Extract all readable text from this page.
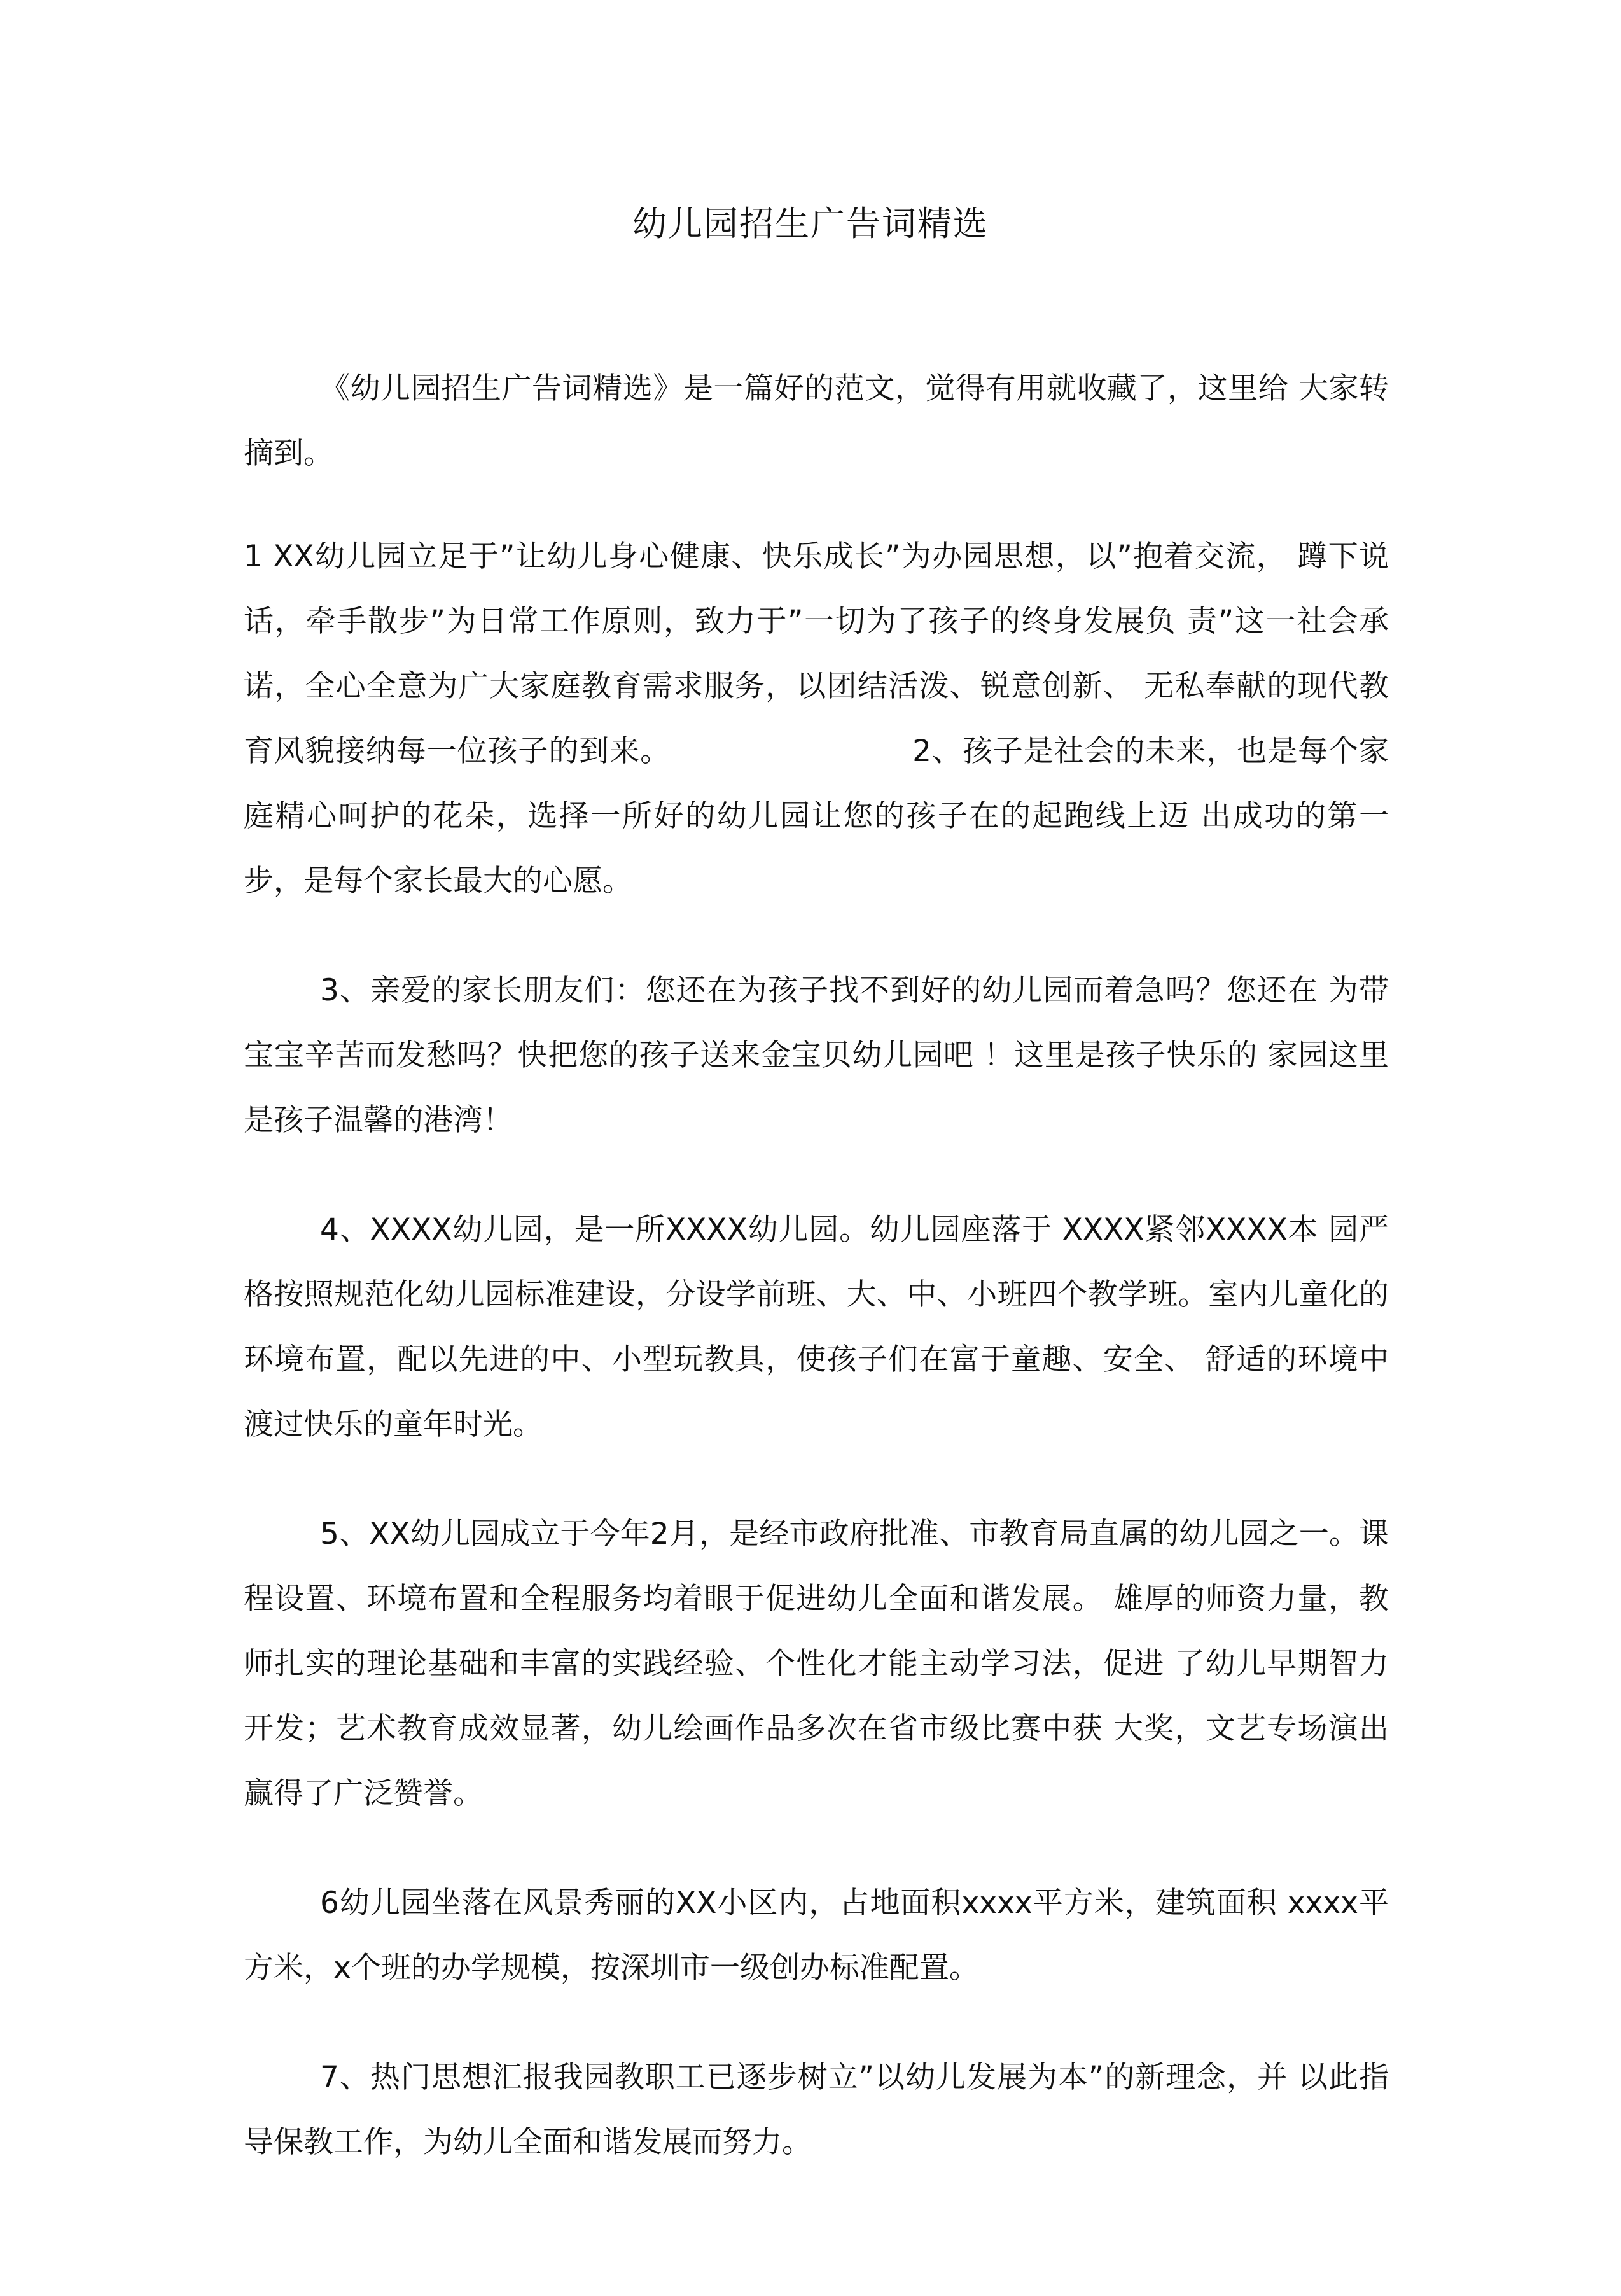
幼儿园招生广告词精选

《幼儿园招生广告词精选》是一篇好的范文，觉得有用就收藏了，这里给 大家转摘到。

1 XX幼儿园立足于”让幼儿身心健康、快乐成长”为办园思想，以”抱着交流， 蹲下说话，牵手散步”为日常工作原则，致力于”一切为了孩子的终身发展负 责”这一社会承诺，全心全意为广大家庭教育需求服务，以团结活泼、锐意创新、 无私奉献的现代教育风貌接纳每一位孩子的到来。	2、孩子是社会的未来，也是每个家庭精心呵护的花朵，选择一所好的幼儿园让您的孩子在的起跑线上迈 出成功的第一步，是每个家长最大的心愿。

3、亲爱的家长朋友们：您还在为孩子找不到好的幼儿园而着急吗？您还在 为带宝宝辛苦而发愁吗？快把您的孩子送来金宝贝幼儿园吧 ！这里是孩子快乐的 家园这里是孩子温馨的港湾！

4、XXXX幼儿园，是一所XXXX幼儿园。幼儿园座落于 XXXX紧邻XXXX本 园严格按照规范化幼儿园标准建设，分设学前班、大、中、小班四个教学班。室内儿童化的环境布置，配以先进的中、小型玩教具，使孩子们在富于童趣、安全、 舒适的环境中渡过快乐的童年时光。

5、XX幼儿园成立于今年2月，是经市政府批准、市教育局直属的幼儿园之一。课程设置、环境布置和全程服务均着眼于促进幼儿全面和谐发展。 雄厚的师资力量，教师扎实的理论基础和丰富的实践经验、个性化才能主动学习法，促进 了幼儿早期智力开发；艺术教育成效显著，幼儿绘画作品多次在省市级比赛中获 大奖，文艺专场演出赢得了广泛赞誉。

6幼儿园坐落在风景秀丽的XX小区内，占地面积xxxx平方米，建筑面积 xxxx平方米，x个班的办学规模，按深圳市一级创办标准配置。

7、热门思想汇报我园教职工已逐步树立”以幼儿发展为本”的新理念，并 以此指导保教工作，为幼儿全面和谐发展而努力。
